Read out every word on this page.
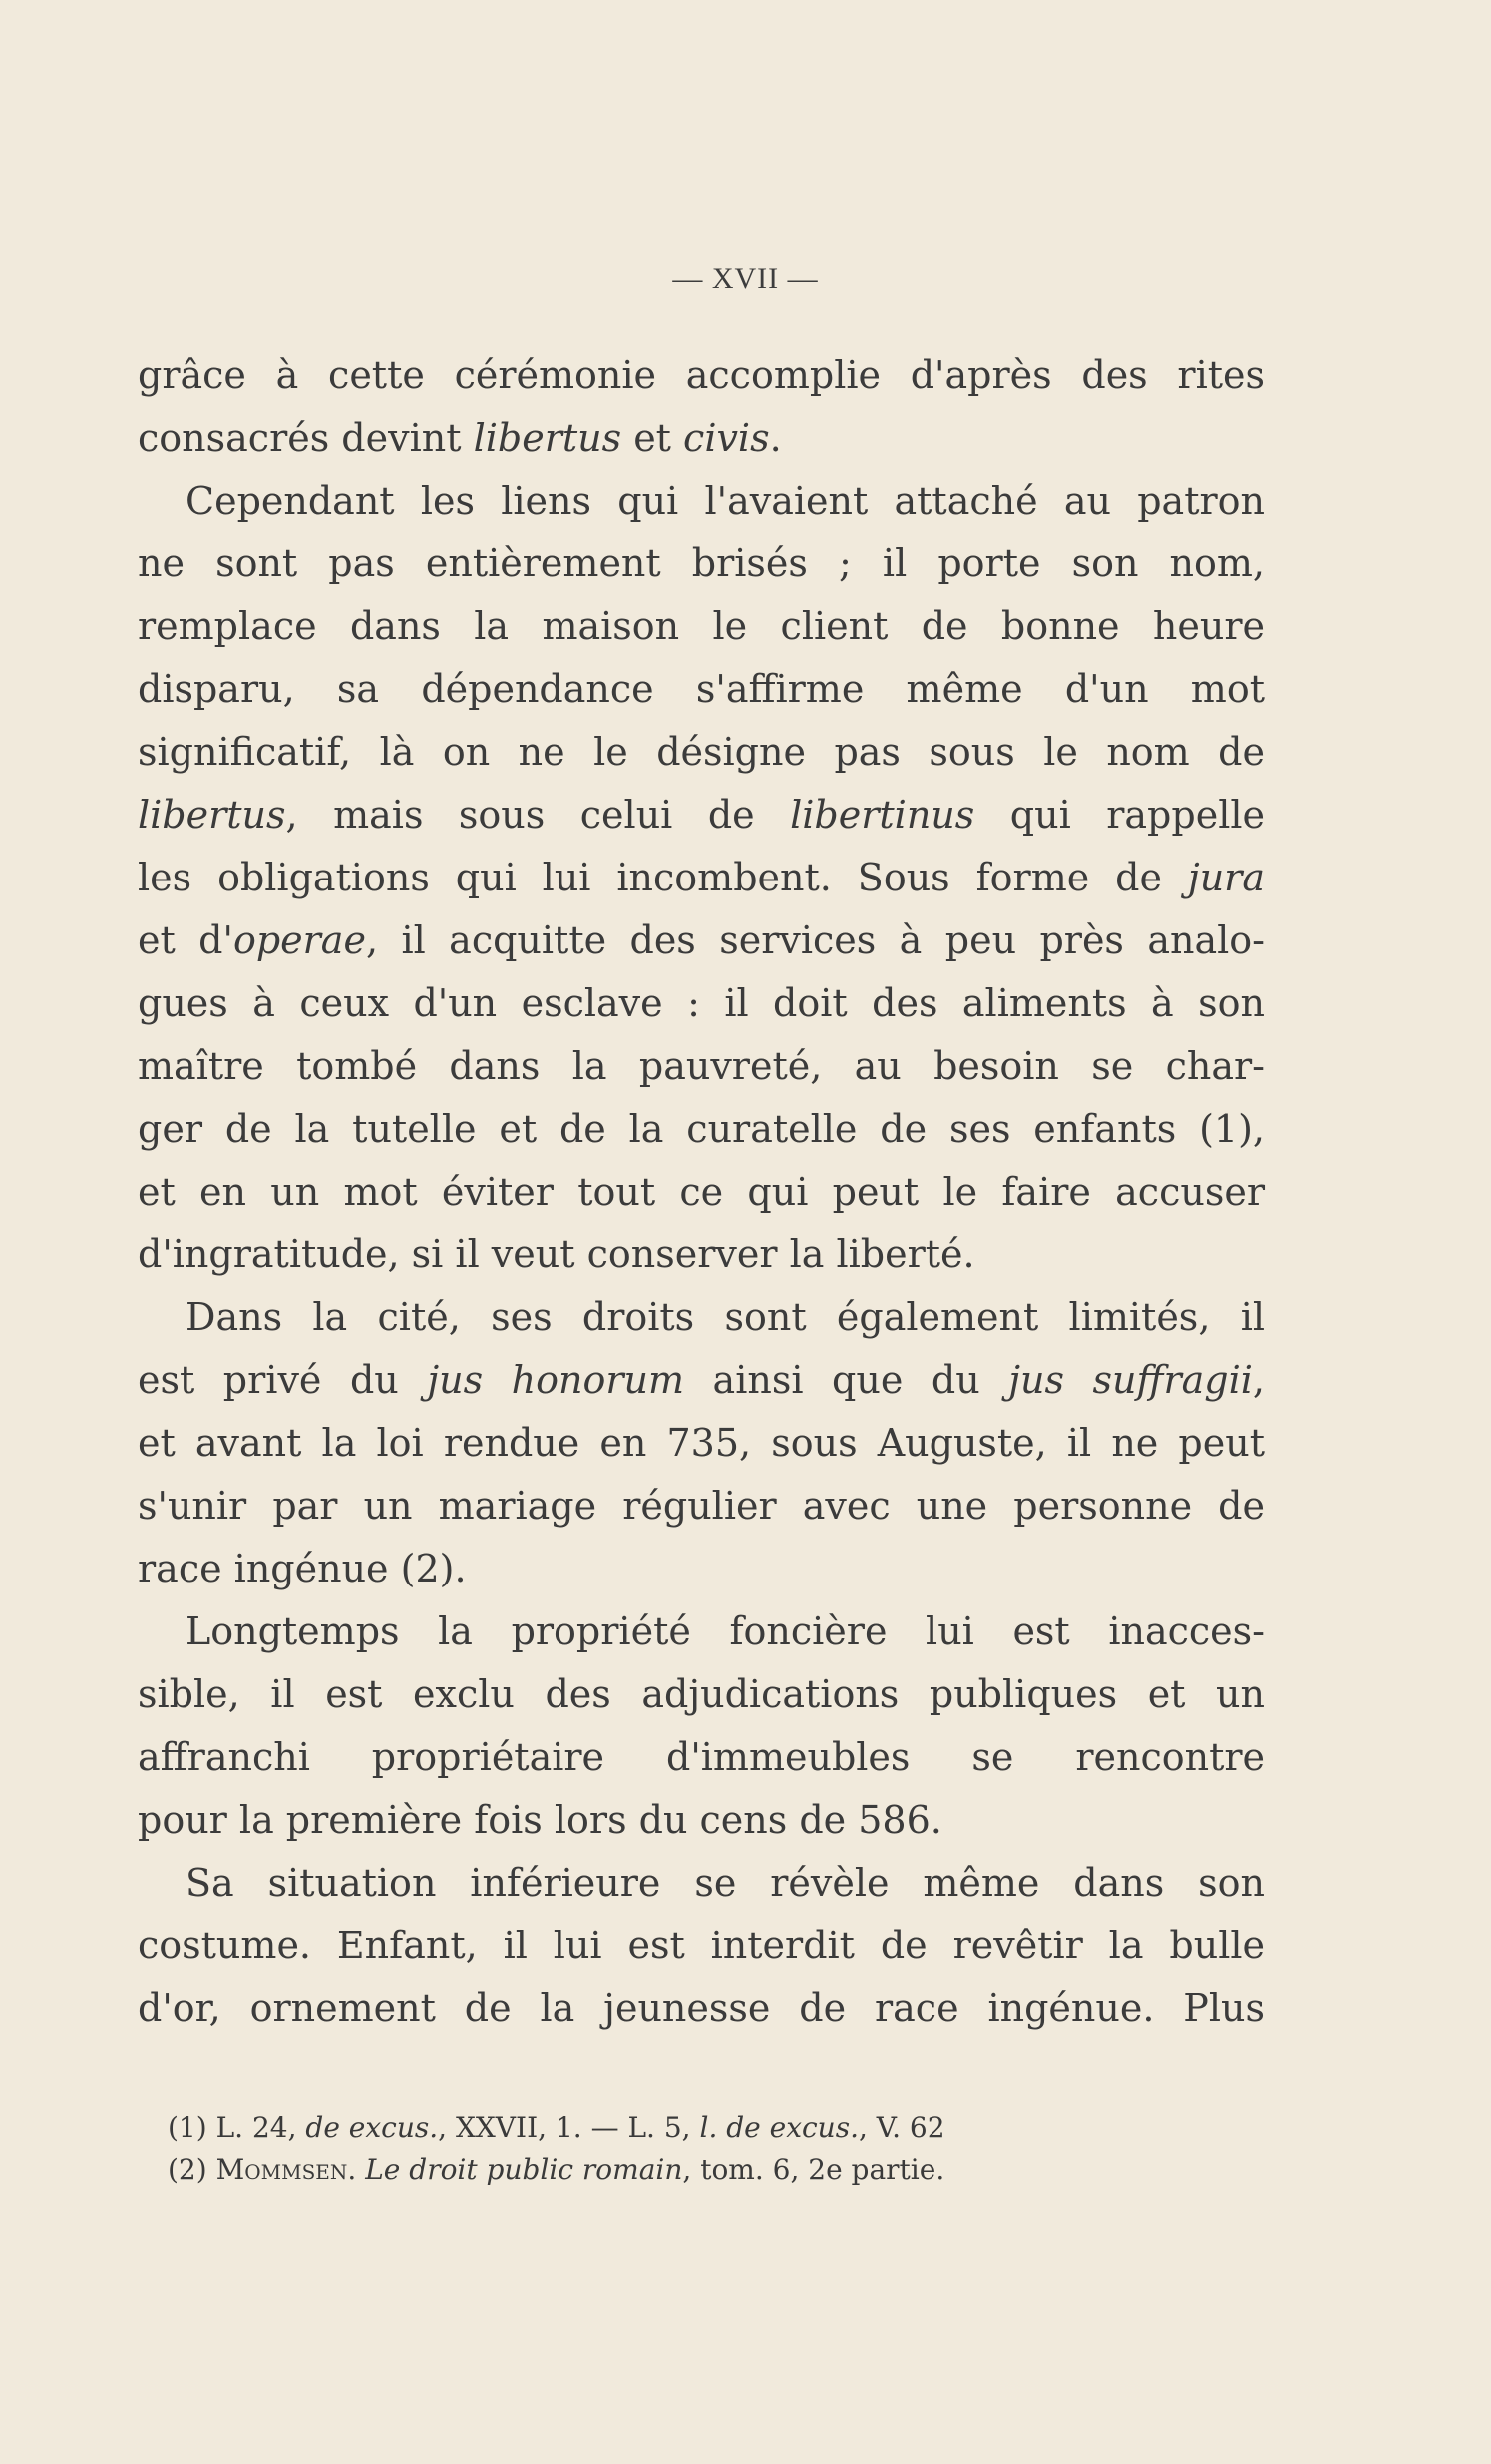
— XVII —
grâce à cette cérémonie accomplie d'après des rites
consacrés devint libertus et civis.
Cependant les liens qui l'avaient attaché au patron
ne sont pas entièrement brisés ; il porte son nom,
remplace dans la maison le client de bonne heure
disparu, sa dépendance s'affirme même d'un mot
significatif, là on ne le désigne pas sous le nom de
libertus, mais sous celui de libertinus qui rappelle
les obligations qui lui incombent. Sous forme de jura
et d'operae, il acquitte des services à peu près analo-
gues à ceux d'un esclave : il doit des aliments à son
maître tombé dans la pauvreté, au besoin se char-
ger de la tutelle et de la curatelle de ses enfants (1),
et en un mot éviter tout ce qui peut le faire accuser
d'ingratitude, si il veut conserver la liberté.
Dans la cité, ses droits sont également limités, il
est privé du jus honorum ainsi que du jus suffragii,
et avant la loi rendue en 735, sous Auguste, il ne peut
s'unir par un mariage régulier avec une personne de
race ingénue (2).
Longtemps la propriété foncière lui est inacces-
sible, il est exclu des adjudications publiques et un
affranchi propriétaire d'immeubles se rencontre
pour la première fois lors du cens de 586.
Sa situation inférieure se révèle même dans son
costume. Enfant, il lui est interdit de revêtir la bulle
d'or, ornement de la jeunesse de race ingénue. Plus
(1) L. 24, de excus., XXVII, 1. — L. 5, l. de excus., V. 62
(2) Mommsen. Le droit public romain, tom. 6, 2e partie.
